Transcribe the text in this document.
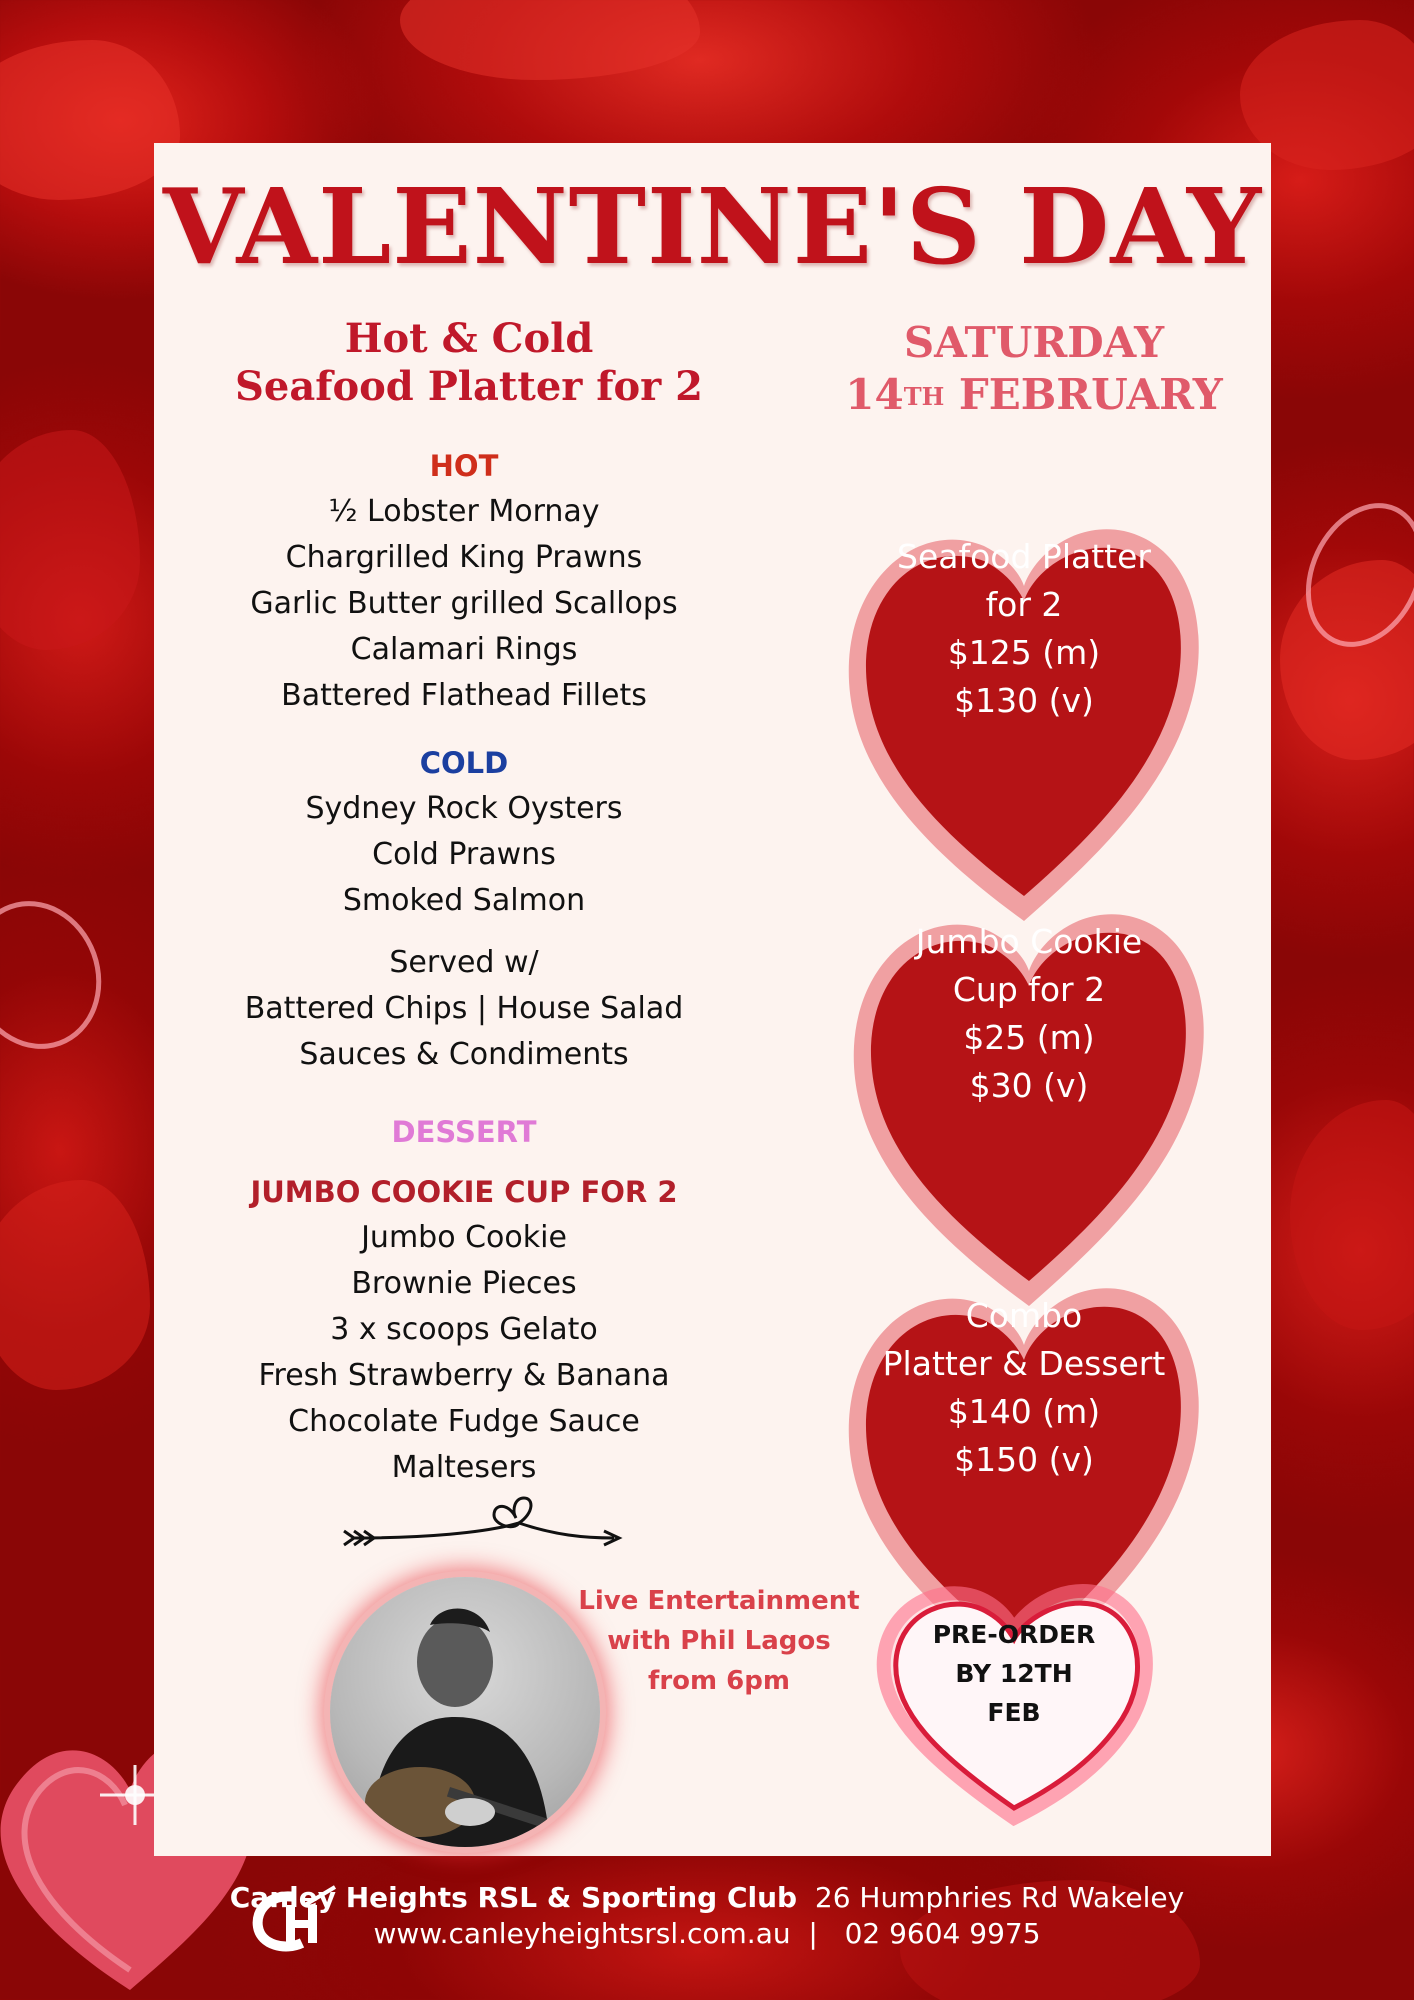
VALENTINE'S DAY
Hot & Cold
Seafood Platter for 2
SATURDAY
14TH FEBRUARY
HOT
½ Lobster Mornay
Chargrilled King Prawns
Garlic Butter grilled Scallops
Calamari Rings
Battered Flathead Fillets
COLD
Sydney Rock Oysters
Cold Prawns
Smoked Salmon
Served w/
Battered Chips | House Salad
Sauces & Condiments
DESSERT
JUMBO COOKIE CUP FOR 2
Jumbo Cookie
Brownie Pieces
3 x scoops Gelato
Fresh Strawberry & Banana
Chocolate Fudge Sauce
Maltesers
Seafood Platter
for 2
$125 (m)
$130 (v)
Jumbo Cookie
Cup for 2
$25 (m)
$30 (v)
Combo
Platter & Dessert
$140 (m)
$150 (v)
Live Entertainment
with Phil Lagos
from 6pm
PRE-ORDER
BY 12TH
FEB
Canley Heights RSL & Sporting Club 26 Humphries Rd Wakeley
www.canleyheightsrsl.com.au | 02 9604 9975
